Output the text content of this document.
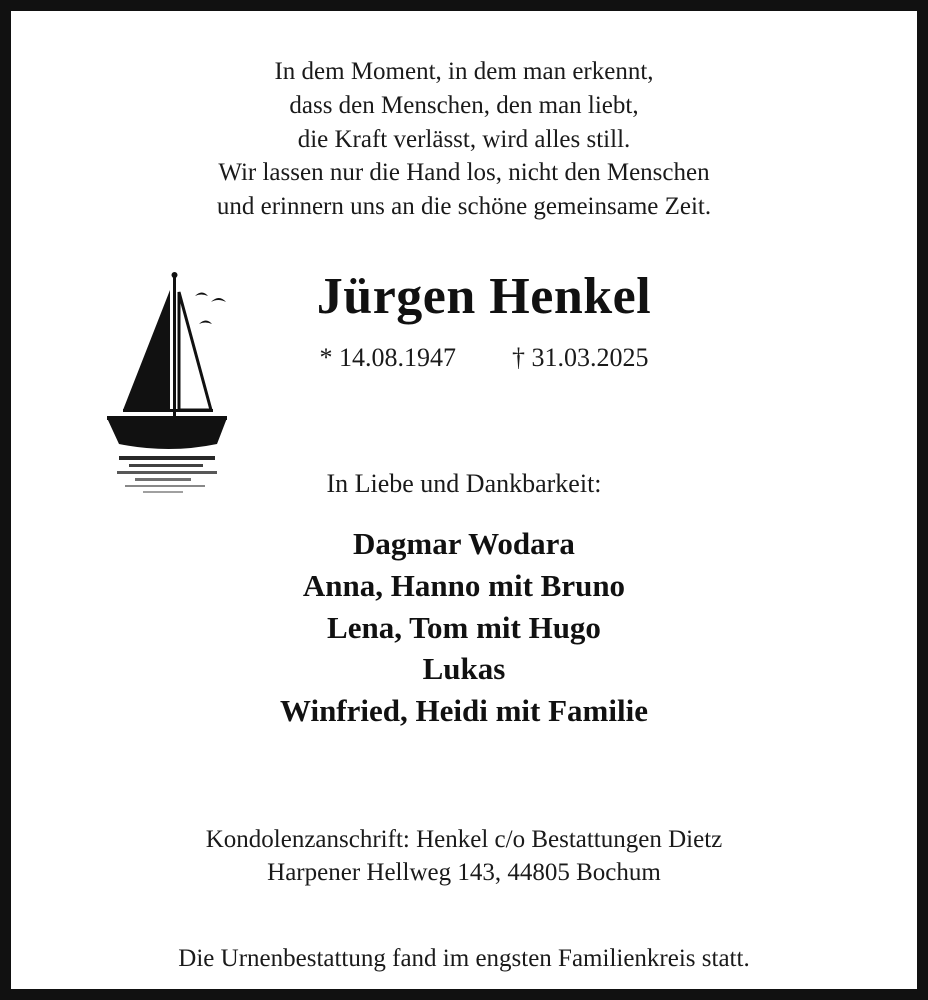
In dem Moment, in dem man erkennt,
dass den Menschen, den man liebt,
die Kraft verlässt, wird alles still.
Wir lassen nur die Hand los, nicht den Menschen
und erinnern uns an die schöne gemeinsame Zeit.
Jürgen Henkel
* 14.08.1947 † 31.03.2025
In Liebe und Dankbarkeit:
Dagmar Wodara
Anna, Hanno mit Bruno
Lena, Tom mit Hugo
Lukas
Winfried, Heidi mit Familie
Kondolenzanschrift: Henkel c/o Bestattungen Dietz
Harpener Hellweg 143, 44805 Bochum
Die Urnenbestattung fand im engsten Familienkreis statt.
